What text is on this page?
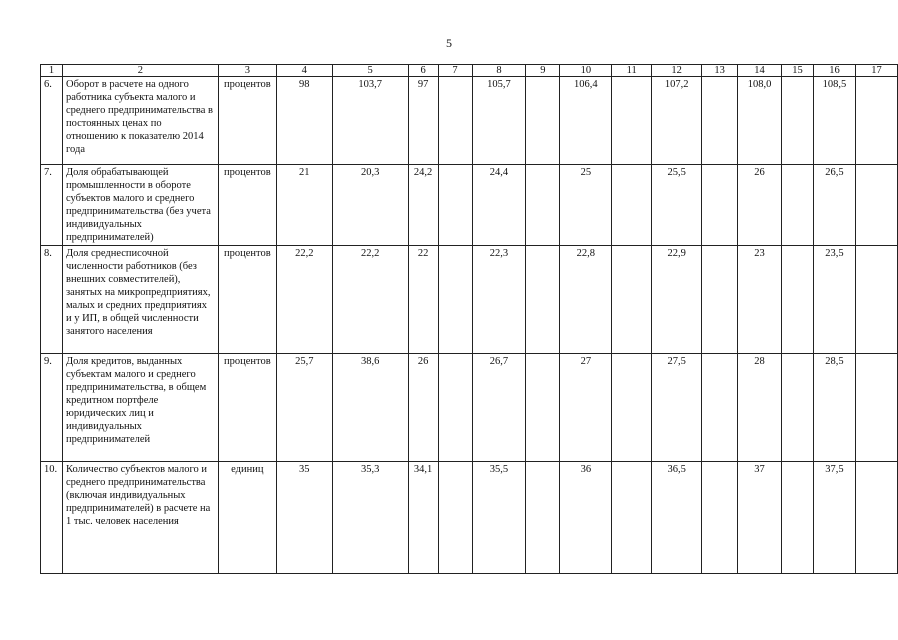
5
1	2	3	4	5	6	7	8	9	10	11	12	13	14	15	16	17
6.	Оборот в расчете на одного работника субъекта малого и среднего предпринимательства в постоянных ценах по отношению к показателю 2014 года	процентов	98	103,7	97		105,7		106,4		107,2		108,0		108,5	
7.	Доля обрабатывающей промышленности в обороте субъектов малого и среднего предпринимательства (без учета индивидуальных предпринимателей)	процентов	21	20,3	24,2		24,4		25		25,5		26		26,5	
8.	Доля среднесписочной численности работников (без внешних совместителей), занятых на микропредприятиях, малых и средних предприятиях и у ИП, в общей численности занятого населения	процентов	22,2	22,2	22		22,3		22,8		22,9		23		23,5	
9.	Доля кредитов, выданных субъектам малого и среднего предпринимательства, в общем кредитном портфеле юридических лиц и индивидуальных предпринимателей	процентов	25,7	38,6	26		26,7		27		27,5		28		28,5	
10.	Количество субъектов малого и среднего предпринимательства (включая индивидуальных предпринимателей) в расчете на 1 тыс. человек населения	единиц	35	35,3	34,1		35,5		36		36,5		37		37,5	
